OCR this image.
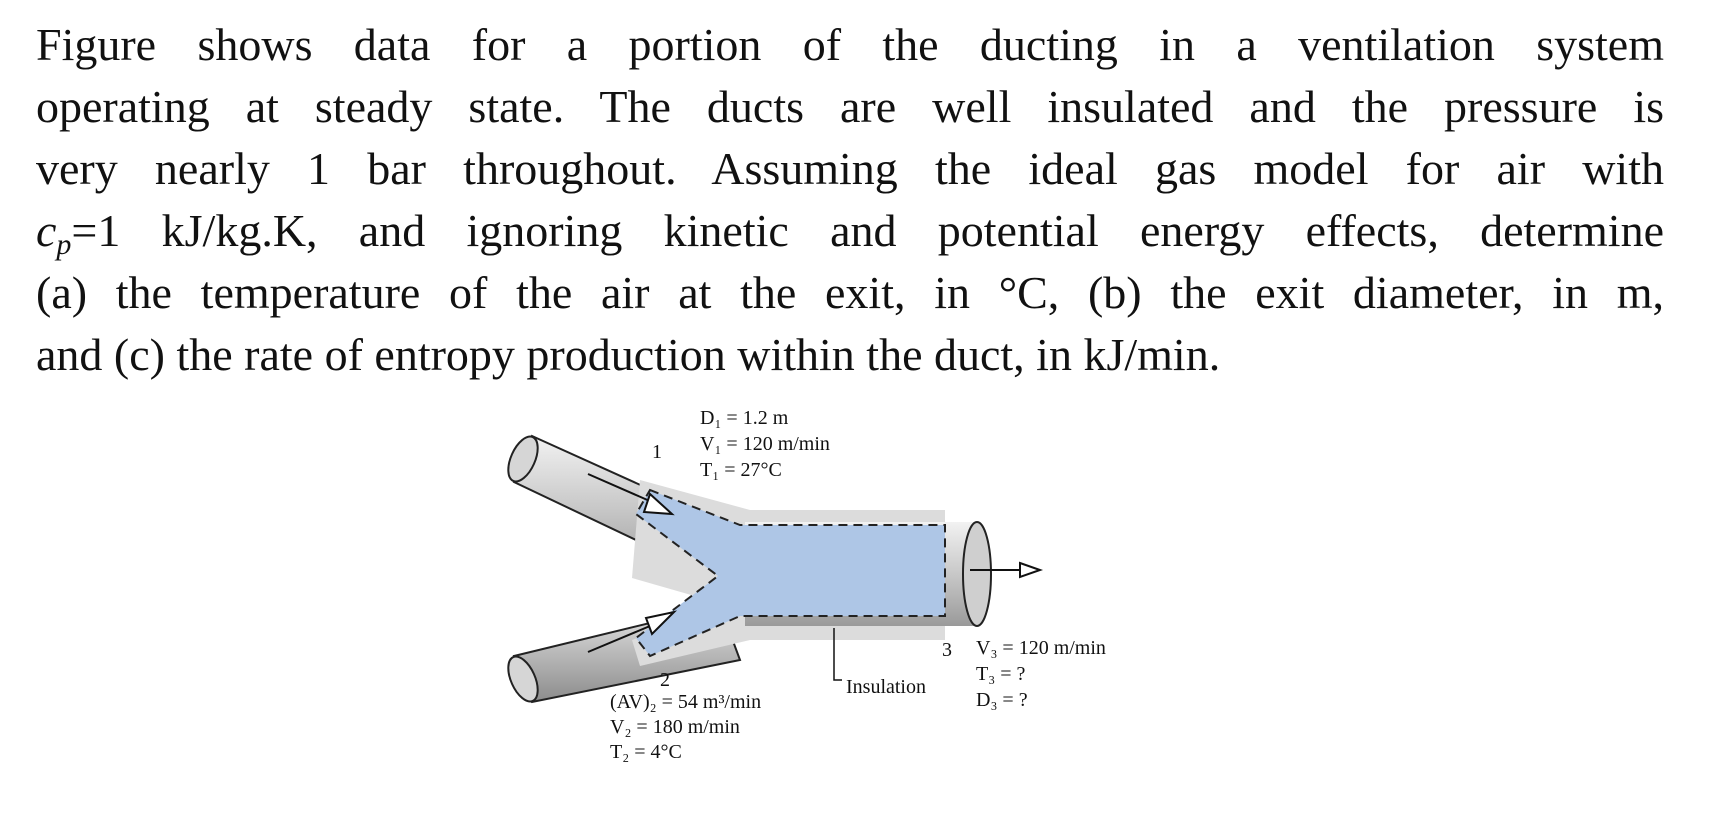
Figure shows data for a portion of the ducting in a ventilation system
operating at steady state. The ducts are well insulated and the pressure is
very nearly 1 bar throughout. Assuming the ideal gas model for air with
$c_p=1$ kJ/kg.K, and ignoring kinetic and potential energy effects, determine
(a) the temperature of the air at the exit, in °C, (b) the exit diameter, in m,
and (c) the rate of entropy production within the duct, in kJ/min.
1
D₁ = 1.2 m
V₁ = 120 m/min
T₁ = 27°C
2
(AV)₂ = 54 m³/min
V₂ = 180 m/min
T₂ = 4°C
3 V₃ = 120 m/min
T₃ = ?
D₃ = ?
Insulation
